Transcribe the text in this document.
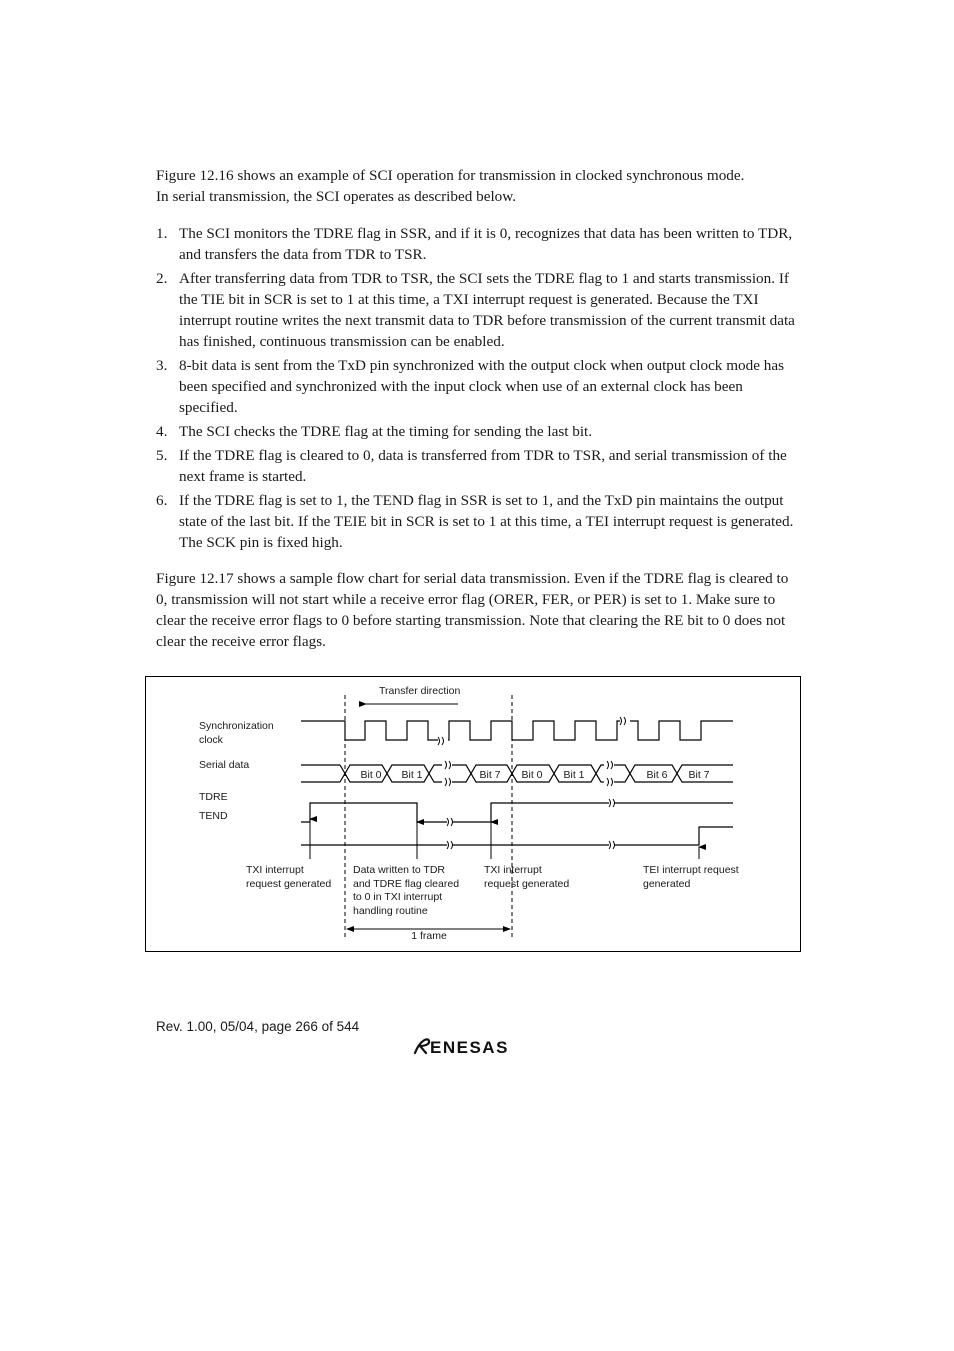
Figure 12.16 shows an example of SCI operation for transmission in clocked synchronous mode.
In serial transmission, the SCI operates as described below.
1. The SCI monitors the TDRE flag in SSR, and if it is 0, recognizes that data has been written to TDR, and transfers the data from TDR to TSR.
2. After transferring data from TDR to TSR, the SCI sets the TDRE flag to 1 and starts transmission. If the TIE bit in SCR is set to 1 at this time, a TXI interrupt request is generated. Because the TXI interrupt routine writes the next transmit data to TDR before transmission of the current transmit data has finished, continuous transmission can be enabled.
3. 8-bit data is sent from the TxD pin synchronized with the output clock when output clock mode has been specified and synchronized with the input clock when use of an external clock has been specified.
4. The SCI checks the TDRE flag at the timing for sending the last bit.
5. If the TDRE flag is cleared to 0, data is transferred from TDR to TSR, and serial transmission of the next frame is started.
6. If the TDRE flag is set to 1, the TEND flag in SSR is set to 1, and the TxD pin maintains the output state of the last bit. If the TEIE bit in SCR is set to 1 at this time, a TEI interrupt request is generated. The SCK pin is fixed high.

Figure 12.17 shows a sample flow chart for serial data transmission. Even if the TDRE flag is cleared to 0, transmission will not start while a receive error flag (ORER, FER, or PER) is set to 1. Make sure to clear the receive error flags to 0 before starting transmission. Note that clearing the RE bit to 0 does not clear the receive error flags.

Transfer direction
Synchronization
clock
Serial data
TDRE
TEND
Bit 0 Bit 1	Bit 7 Bit 0 Bit 1	Bit 6 Bit 7
TXI interrupt
request generated
Data written to TDR
and TDRE flag cleared
to 0 in TXI interrupt
handling routine
TXI interrupt
request generated
TEI interrupt request
generated
1 frame
Rev. 1.00, 05/04, page 266 of 544
ENESAS
